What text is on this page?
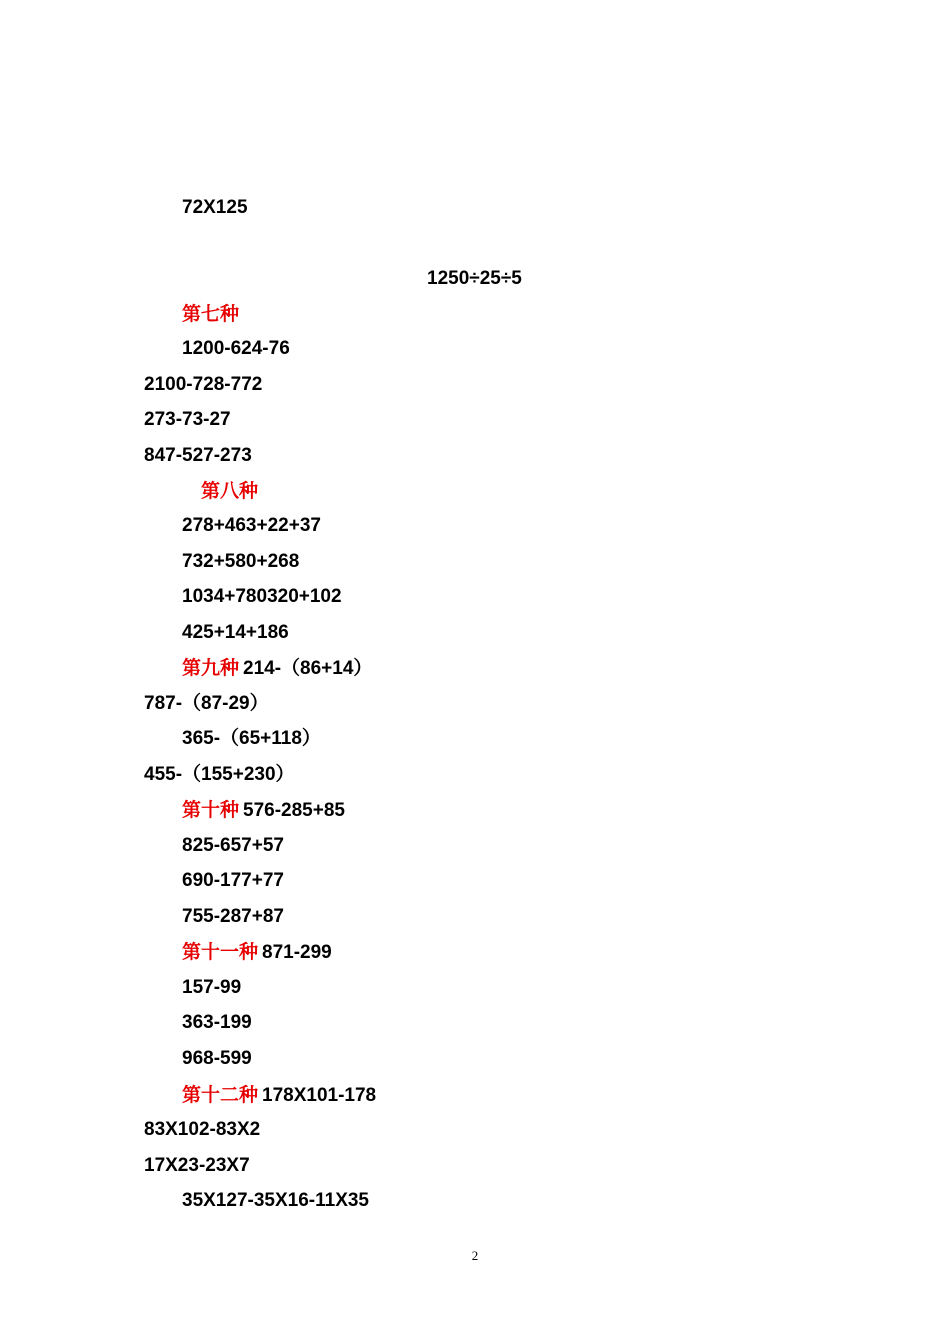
72X125
1250÷25÷5
第七种
1200-624-76
2100-728-772
273-73-27
847-527-273
第八种
278+463+22+37
732+580+268
1034+780320+102
425+14+186
第九种 214-（86+14）
787-（87-29）
365-（65+118）
455-（155+230）
第十种 576-285+85
825-657+57
690-177+77
755-287+87
第十一种 871-299
157-99
363-199
968-599
第十二种 178X101-178
83X102-83X2
17X23-23X7
35X127-35X16-11X35
2
